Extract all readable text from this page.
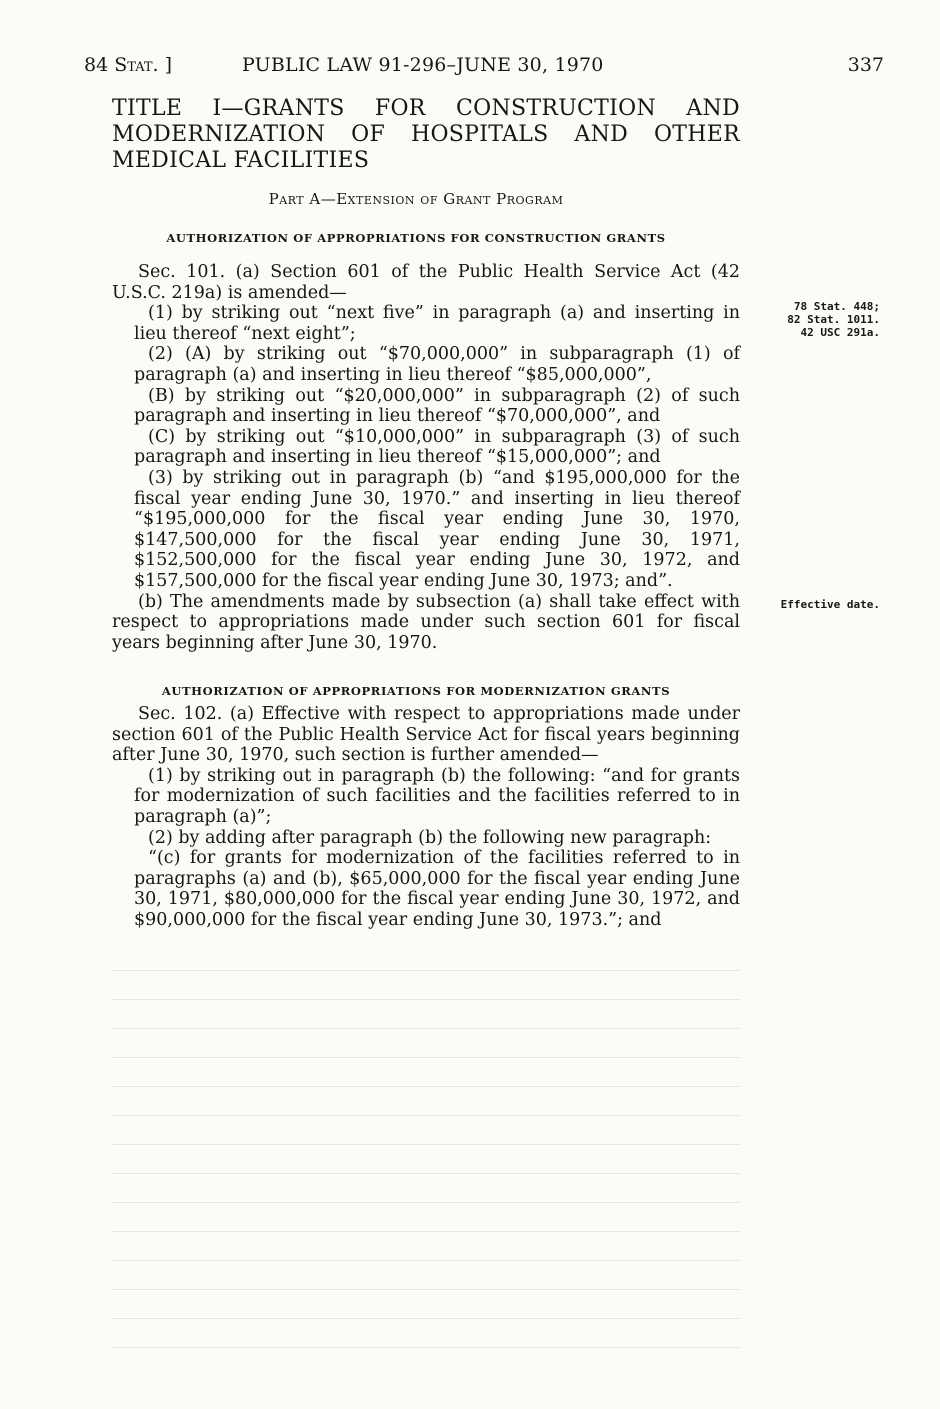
84 Stat. ]	PUBLIC LAW 91-296–JUNE 30, 1970	337
TITLE I—GRANTS FOR CONSTRUCTION AND MODERNIZATION OF HOSPITALS AND OTHER MEDICAL FACILITIES
Part A—Extension of Grant Program
AUTHORIZATION OF APPROPRIATIONS FOR CONSTRUCTION GRANTS

Sec. 101. (a) Section 601 of the Public Health Service Act (42 U.S.C. 219a) is amended—

(1) by striking out “next five” in paragraph (a) and inserting in lieu thereof “next eight”;

(2) (A) by striking out “$70,000,000” in subparagraph (1) of paragraph (a) and inserting in lieu thereof “$85,000,000”,

(B) by striking out “$20,000,000” in subparagraph (2) of such paragraph and inserting in lieu thereof “$70,000,000”, and

(C) by striking out “$10,000,000” in subparagraph (3) of such paragraph and inserting in lieu thereof “$15,000,000”; and

(3) by striking out in paragraph (b) “and $195,000,000 for the fiscal year ending June 30, 1970.” and inserting in lieu thereof “$195,000,000 for the fiscal year ending June 30, 1970, $147,500,000 for the fiscal year ending June 30, 1971, $152,500,000 for the fiscal year ending June 30, 1972, and $157,500,000 for the fiscal year ending June 30, 1973; and”.

(b) The amendments made by subsection (a) shall take effect with respect to appropriations made under such section 601 for fiscal years beginning after June 30, 1970.

AUTHORIZATION OF APPROPRIATIONS FOR MODERNIZATION GRANTS

Sec. 102. (a) Effective with respect to appropriations made under section 601 of the Public Health Service Act for fiscal years beginning after June 30, 1970, such section is further amended—

(1) by striking out in paragraph (b) the following: “and for grants for modernization of such facilities and the facilities referred to in paragraph (a)”;

(2) by adding after paragraph (b) the following new paragraph:

“(c) for grants for modernization of the facilities referred to in paragraphs (a) and (b), $65,000,000 for the fiscal year ending June 30, 1971, $80,000,000 for the fiscal year ending June 30, 1972, and $90,000,000 for the fiscal year ending June 30, 1973.”; and

78 Stat. 448;
82 Stat. 1011.
42 USC 291a.
Effective date.
